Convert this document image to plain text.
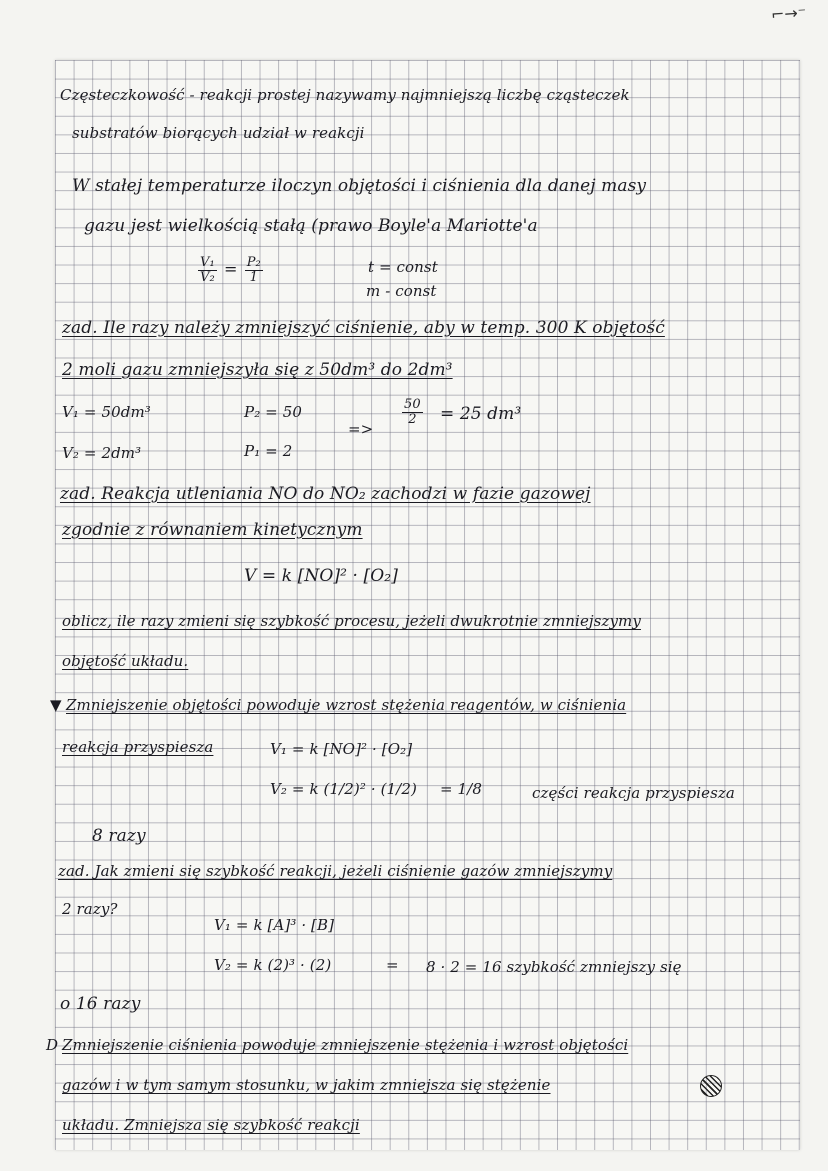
⌐→⁻
Częsteczkowość - reakcji prostej nazywamy najmniejszą liczbę cząsteczek
substratów biorących udział w reakcji
W stałej temperaturze iloczyn objętości i ciśnienia dla danej masy
gazu jest wielkością stałą (prawo Boyle'a Mariotte'a
$\frac{\text{V₁}}{\text{V₂}} = \frac{\text{P₂}}{1}$	t = const
m - const
zad. Ile razy należy zmniejszyć ciśnienie, aby w temp. 300 K objętość
2 moli gazu zmniejszyła się z 50dm³ do 2dm³
V₁ = 50dm³	P₂ = 50	$\frac{50}{2} = 25$ dm³
=>
V₂ = 2dm³	P₁ = 2
zad. Reakcja utleniania NO do NO₂ zachodzi w fazie gazowej
zgodnie z równaniem kinetycznym
V = k [NO]² · [O₂]
oblicz, ile razy zmieni się szybkość procesu, jeżeli dwukrotnie zmniejszymy
objętość układu.
▼ Zmniejszenie objętości powoduje wzrost stężenia reagentów, w ciśnienia
reakcja przyspiesza	V₁ = k [NO]² · [O₂]
V₂ = k (1/2)² · (1/2) = 1/8	części reakcja przyspiesza
8 razy
zad. Jak zmieni się szybkość reakcji, jeżeli ciśnienie gazów zmniejszymy
2 razy?
V₁ = k [A]³ · [B]
V₂ = k (2)³ · (2)	= 8 · 2 = 16 szybkość zmniejszy się
o 16 razy
D Zmniejszenie ciśnienia powoduje zmniejszenie stężenia i wzrost objętości
gazów i w tym samym stosunku, w jakim zmniejsza się stężenie
układu. Zmniejsza się szybkość reakcji
